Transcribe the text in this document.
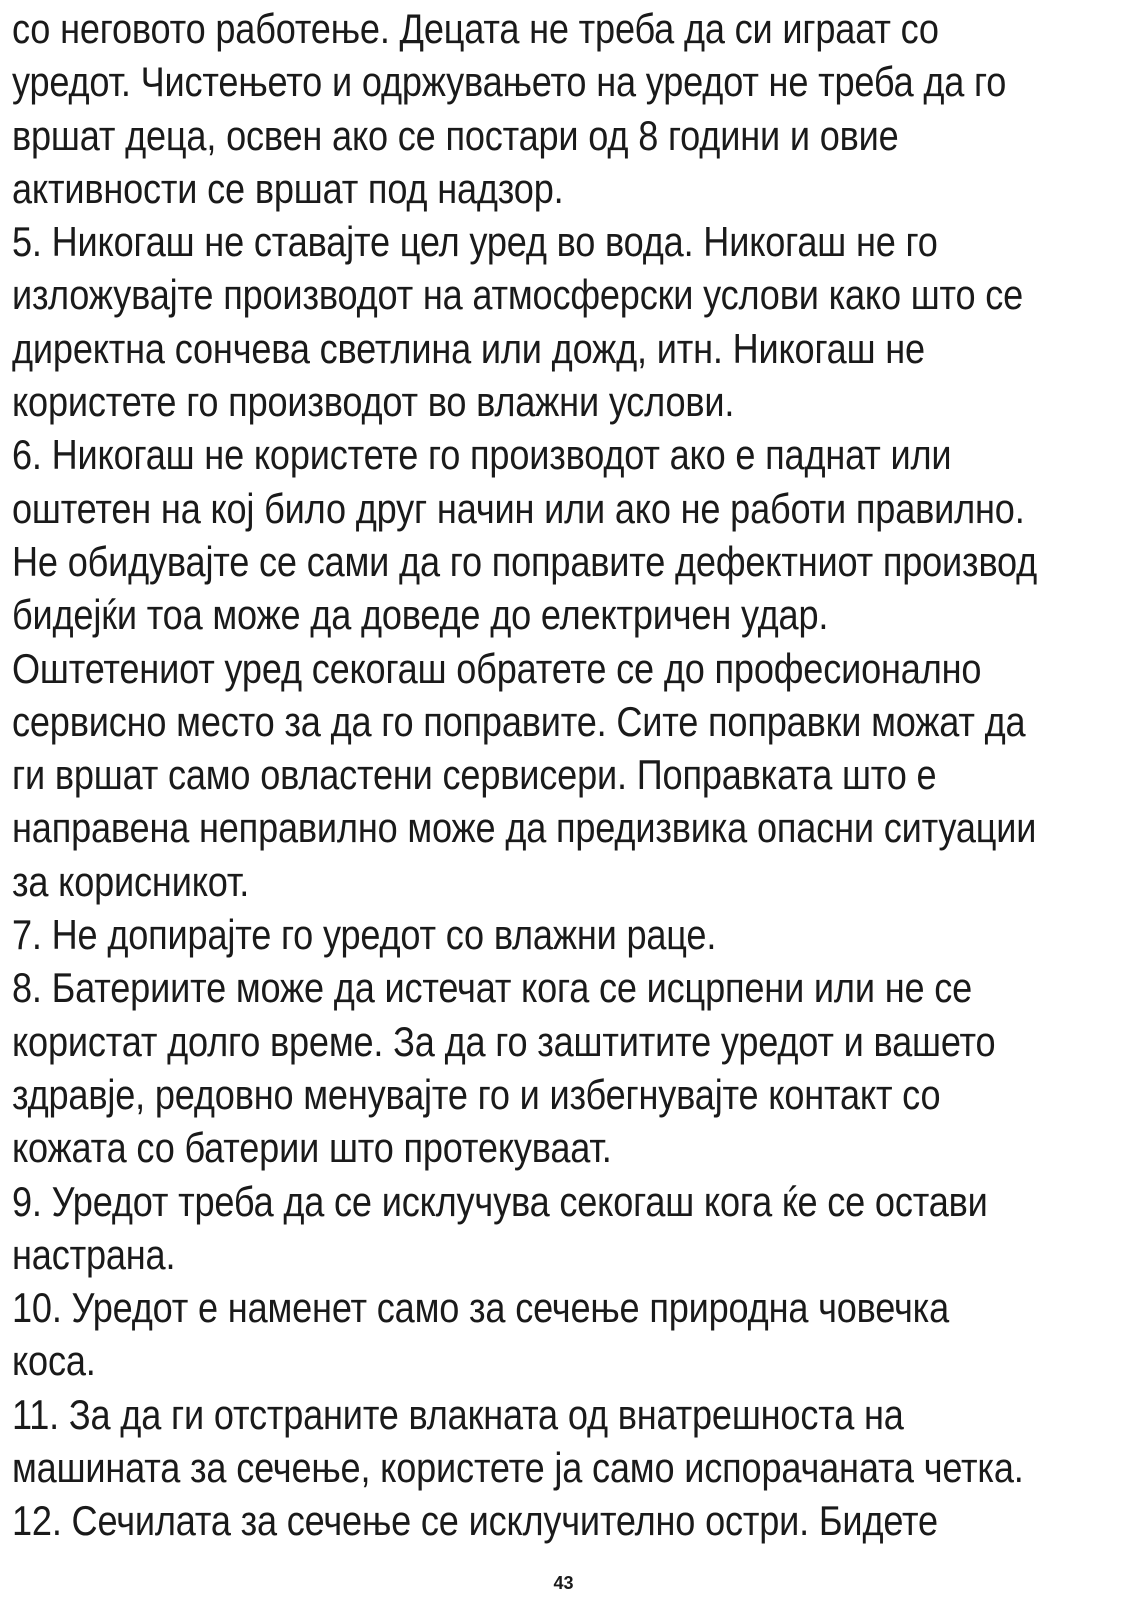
со неговото работење. Децата не треба да си играат со
уредот. Чистењето и одржувањето на уредот не треба да го
вршат деца, освен ако се постари од 8 години и овие
активности се вршат под надзор.
5. Никогаш не ставајте цел уред во вода. Никогаш не го
изложувајте производот на атмосферски услови како што се
директна сончева светлина или дожд, итн. Никогаш не
користете го производот во влажни услови.
6. Никогаш не користете го производот ако е паднат или
оштетен на кој било друг начин или ако не работи правилно.
Не обидувајте се сами да го поправите дефектниот производ
бидејќи тоа може да доведе до електричен удар.
Оштетениот уред секогаш обратете се до професионално
сервисно место за да го поправите. Сите поправки можат да
ги вршат само овластени сервисери. Поправката што е
направена неправилно може да предизвика опасни ситуации
за корисникот.
7. Не допирајте го уредот со влажни раце.
8. Батериите може да истечат кога се исцрпени или не се
користат долго време. За да го заштитите уредот и вашето
здравје, редовно менувајте го и избегнувајте контакт со
кожата со батерии што протекуваат.
9. Уредот треба да се исклучува секогаш кога ќе се остави
настрана.
10. Уредот е наменет само за сечење природна човечка
коса.
11. За да ги отстраните влакната од внатрешноста на
машината за сечење, користете ја само испорачаната четка.
12. Сечилата за сечење се исклучително остри. Бидете
43
